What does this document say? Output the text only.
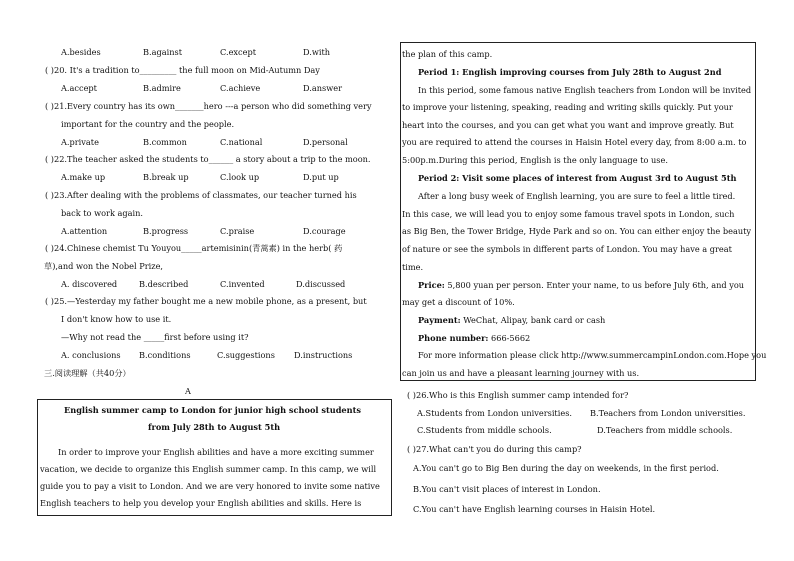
A.besides	B.against	C.except	D.with
( )20. It's a tradition to_________ the full moon on Mid-Autumn Day
A.accept	B.admire	C.achieve	D.answer
( )21.Every country has its own_______hero ---a person who did something very
important for the country and the people.
A.private	B.common	C.national	D.personal
( )22.The teacher asked the students to______ a story about a trip to the moon.
A.make up	B.break up	C.look up	D.put up
( )23.After dealing with the problems of classmates, our teacher turned his
back to work again.
A.attention	B.progress	C.praise	D.courage
( )24.Chinese chemist Tu Youyou_____artemisinin(青蒿素) in the herb( 药
草),and won the Nobel Prize,
A. discovered	B.described	C.invented	D.discussed
( )25.—Yesterday my father bought me a new mobile phone, as a present, but
I don't know how to use it.
—Why not read the _____first before using it?
A. conclusions B.conditions	C.suggestions D.instructions
三.阅读理解（共40分）
A
English summer camp to London for junior high school students
from July 28th to August 5th
In order to improve your English abilities and have a more exciting summer
vacation, we decide to organize this English summer camp. In this camp, we will
guide you to pay a visit to London. And we are very honored to invite some native
English teachers to help you develop your English abilities and skills. Here is
the plan of this camp.
Period 1: English improving courses from July 28th to August 2nd
In this period, some famous native English teachers from London will be invited
to improve your listening, speaking, reading and writing skills quickly. Put your
heart into the courses, and you can get what you want and improve greatly. But
you are required to attend the courses in Haisin Hotel every day, from 8:00 a.m. to
5:00p.m.During this period, English is the only language to use.
Period 2: Visit some places of interest from August 3rd to August 5th
After a long busy week of English learning, you are sure to feel a little tired.
In this case, we will lead you to enjoy some famous travel spots in London, such
as Big Ben, the Tower Bridge, Hyde Park and so on. You can either enjoy the beauty
of nature or see the symbols in different parts of London. You may have a great
time.
Price: 5,800 yuan per person. Enter your name, to us before July 6th, and you
may get a discount of 10%.
Payment: WeChat, Alipay, bank card or cash
Phone number: 666-5662
For more information please click http://www.summercampinLondon.com.Hope you
can join us and have a pleasant learning journey with us.
( )26.Who is this English summer camp intended for?
A.Students from London universities. B.Teachers from London universities.
C.Students from middle schools.	D.Teachers from middle schools.
( )27.What can't you do during this camp?
A.You can't go to Big Ben during the day on weekends, in the first period.
B.You can't visit places of interest in London.
C.You can't have English learning courses in Haisin Hotel.
